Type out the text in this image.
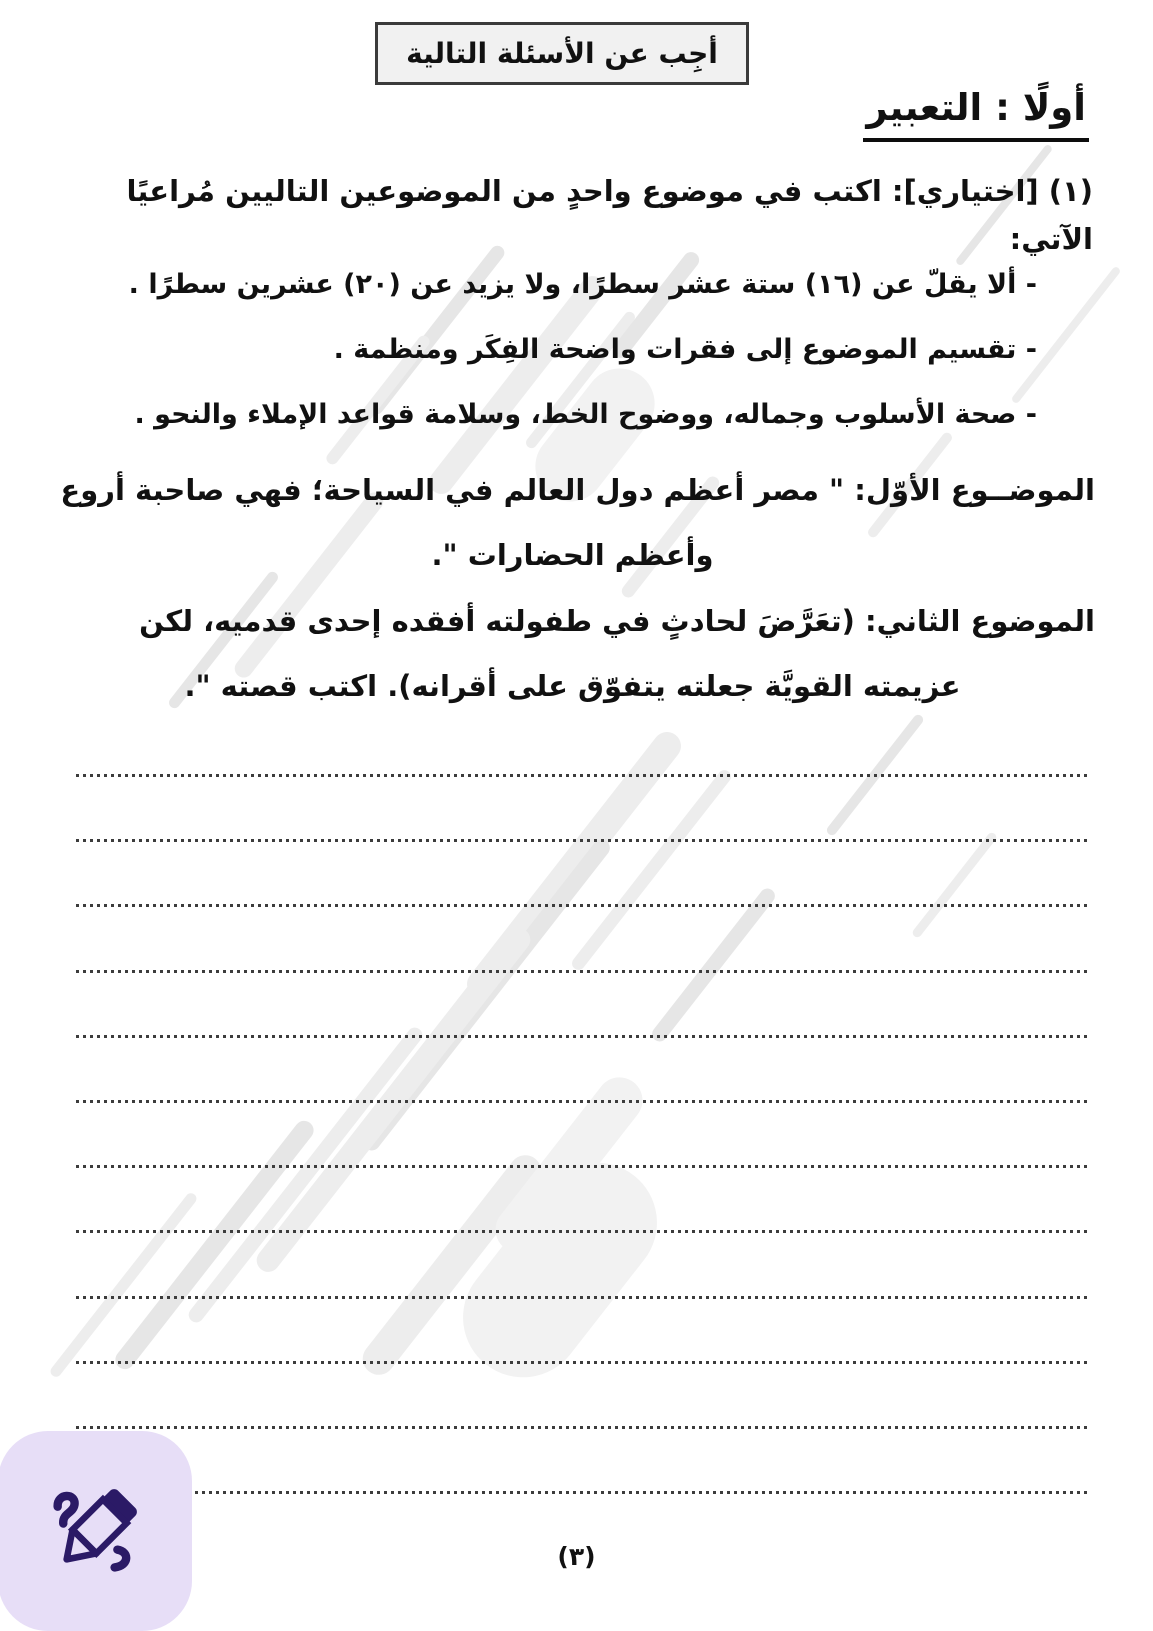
أجِب عن الأسئلة التالية
أولًا : التعبير
(١) [اختياري]: اكتب في موضوع واحدٍ من الموضوعين التاليين مُراعيًا الآتي:
- ألا يقلّ عن (١٦) ستة عشر سطرًا، ولا يزيد عن (٢٠) عشرين سطرًا .
- تقسيم الموضوع إلى فقرات واضحة الفِكَر ومنظمة .
- صحة الأسلوب وجماله، ووضوح الخط، وسلامة قواعد الإملاء والنحو .
الموضــوع الأوّل: " مصر أعظم دول العالم في السياحة؛ فهي صاحبة أروع
وأعظم الحضارات ".
الموضوع الثاني: (تعَرَّضَ لحادثٍ في طفولته أفقده إحدى قدميه، لكن
عزيمته القويَّة جعلته يتفوّق على أقرانه). اكتب قصته ".
(٣)
